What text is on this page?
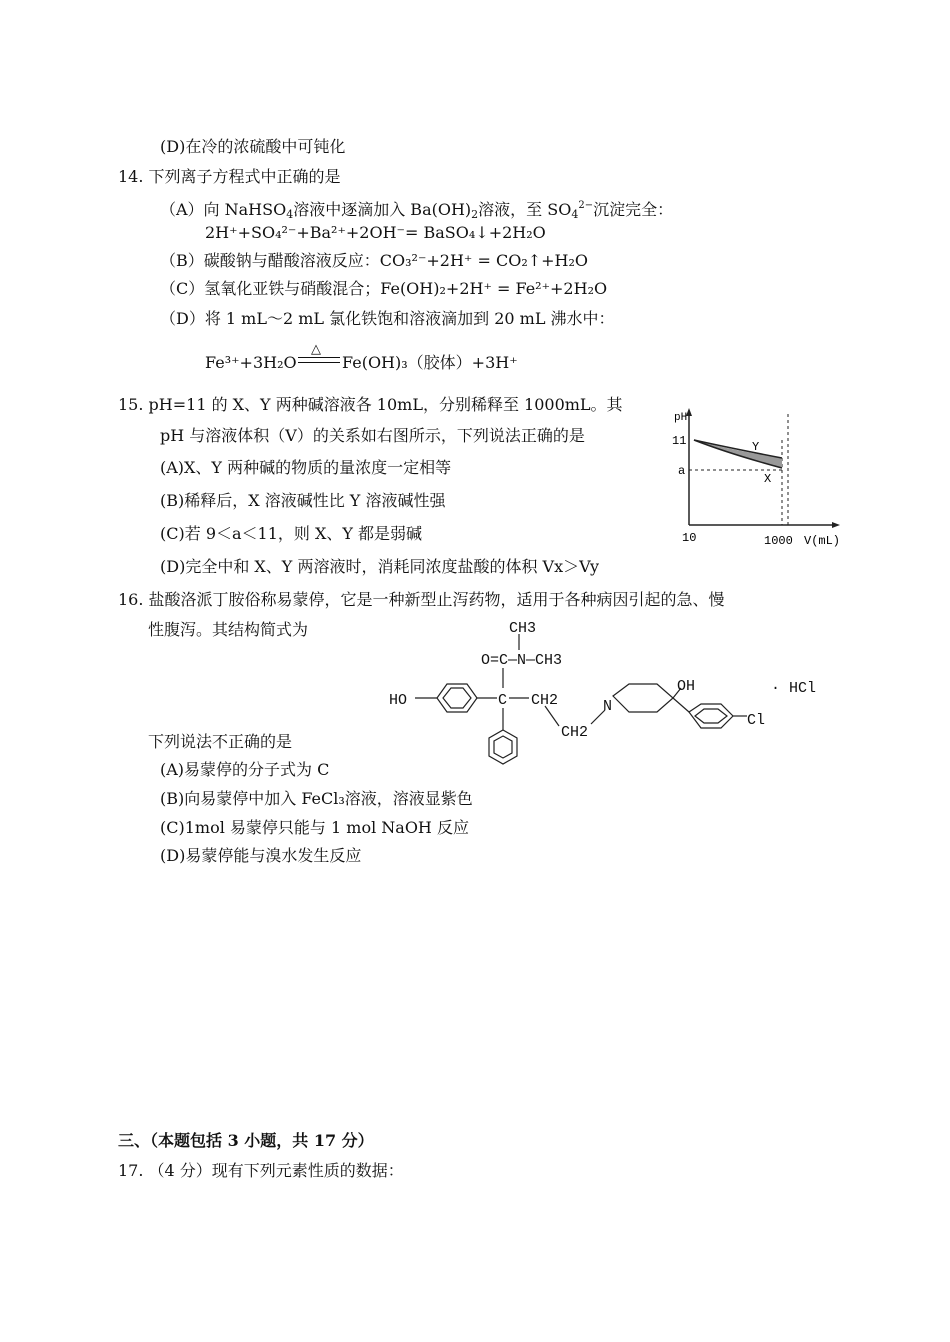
(D)在冷的浓硫酸中可钝化
14. 下列离子方程式中正确的是
（A）向 NaHSO4溶液中逐滴加入 Ba(OH)2溶液，至 $SO4^{2-}$沉淀完全：
2H⁺+SO₄²⁻+Ba²⁺+2OH⁻= BaSO₄↓+2H₂O
（B）碳酸钠与醋酸溶液反应：CO₃²⁻+2H⁺ = CO₂↑+H₂O
（C）氢氧化亚铁与硝酸混合；Fe(OH)₂+2H⁺ = Fe²⁺+2H₂O
（D）将 1 mL～2 mL 氯化铁饱和溶液滴加到 20 mL 沸水中：
Fe³⁺+3H₂O
△
Fe(OH)₃（胶体）+3H⁺
15. pH=11 的 X、Y 两种碱溶液各 10mL，分别稀释至 1000mL。其
pH 与溶液体积（V）的关系如右图所示，下列说法正确的是
(A)X、Y 两种碱的物质的量浓度一定相等
(B)稀释后，X 溶液碱性比 Y 溶液碱性强
(C)若 9＜a＜11，则 X、Y 都是弱碱
(D)完全中和 X、Y 两溶液时，消耗同浓度盐酸的体积 Vx＞Vy
pH
11
a
Y
X
10	1000 V(mL)
16. 盐酸洛派丁胺俗称易蒙停，它是一种新型止泻药物，适用于各种病因引起的急、慢
性腹泻。其结构简式为	CH3
O=C—N—CH3
HO	C CH2
CH2
N
OH
Cl
· HCl
下列说法不正确的是
(A)易蒙停的分子式为 C
(B)向易蒙停中加入 FeCl₃溶液，溶液显紫色
(C)1mol 易蒙停只能与 1 mol NaOH 反应
(D)易蒙停能与溴水发生反应
三、（本题包括 3 小题，共 17 分）
17. （4 分）现有下列元素性质的数据：
